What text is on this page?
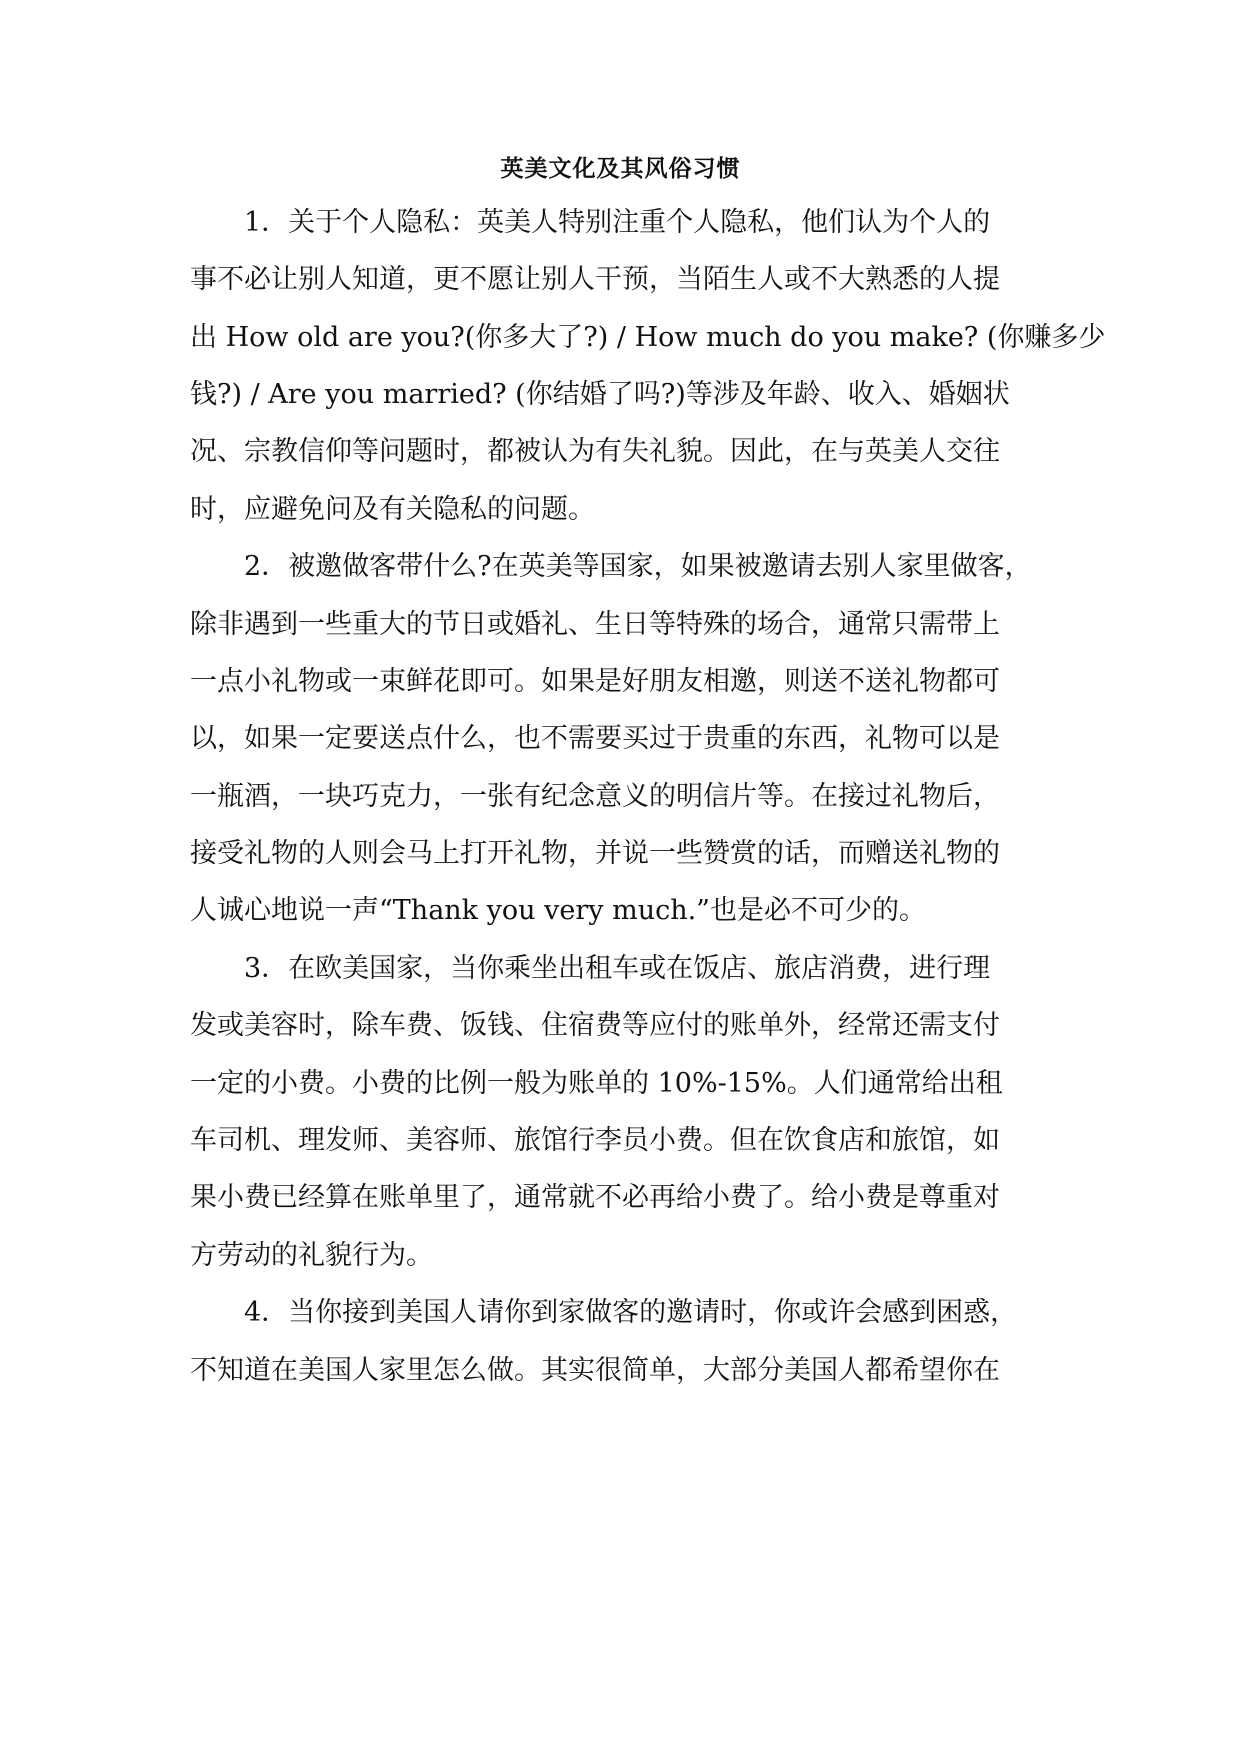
英美文化及其风俗习惯
1．关于个人隐私：英美人特别注重个人隐私，他们认为个人的
事不必让别人知道，更不愿让别人干预，当陌生人或不大熟悉的人提
出 How old are you?(你多大了?) / How much do you make? (你赚多少
钱?) / Are you married? (你结婚了吗?)等涉及年龄、收入、婚姻状
况、宗教信仰等问题时，都被认为有失礼貌。因此，在与英美人交往
时，应避免问及有关隐私的问题。
2．被邀做客带什么?在英美等国家，如果被邀请去别人家里做客，
除非遇到一些重大的节日或婚礼、生日等特殊的场合，通常只需带上
一点小礼物或一束鲜花即可。如果是好朋友相邀，则送不送礼物都可
以，如果一定要送点什么，也不需要买过于贵重的东西，礼物可以是
一瓶酒，一块巧克力，一张有纪念意义的明信片等。在接过礼物后，
接受礼物的人则会马上打开礼物，并说一些赞赏的话，而赠送礼物的
人诚心地说一声“Thank you very much.”也是必不可少的。
3．在欧美国家，当你乘坐出租车或在饭店、旅店消费，进行理
发或美容时，除车费、饭钱、住宿费等应付的账单外，经常还需支付
一定的小费。小费的比例一般为账单的 10%-15%。人们通常给出租
车司机、理发师、美容师、旅馆行李员小费。但在饮食店和旅馆，如
果小费已经算在账单里了，通常就不必再给小费了。给小费是尊重对
方劳动的礼貌行为。
4．当你接到美国人请你到家做客的邀请时，你或许会感到困惑，
不知道在美国人家里怎么做。其实很简单，大部分美国人都希望你在
